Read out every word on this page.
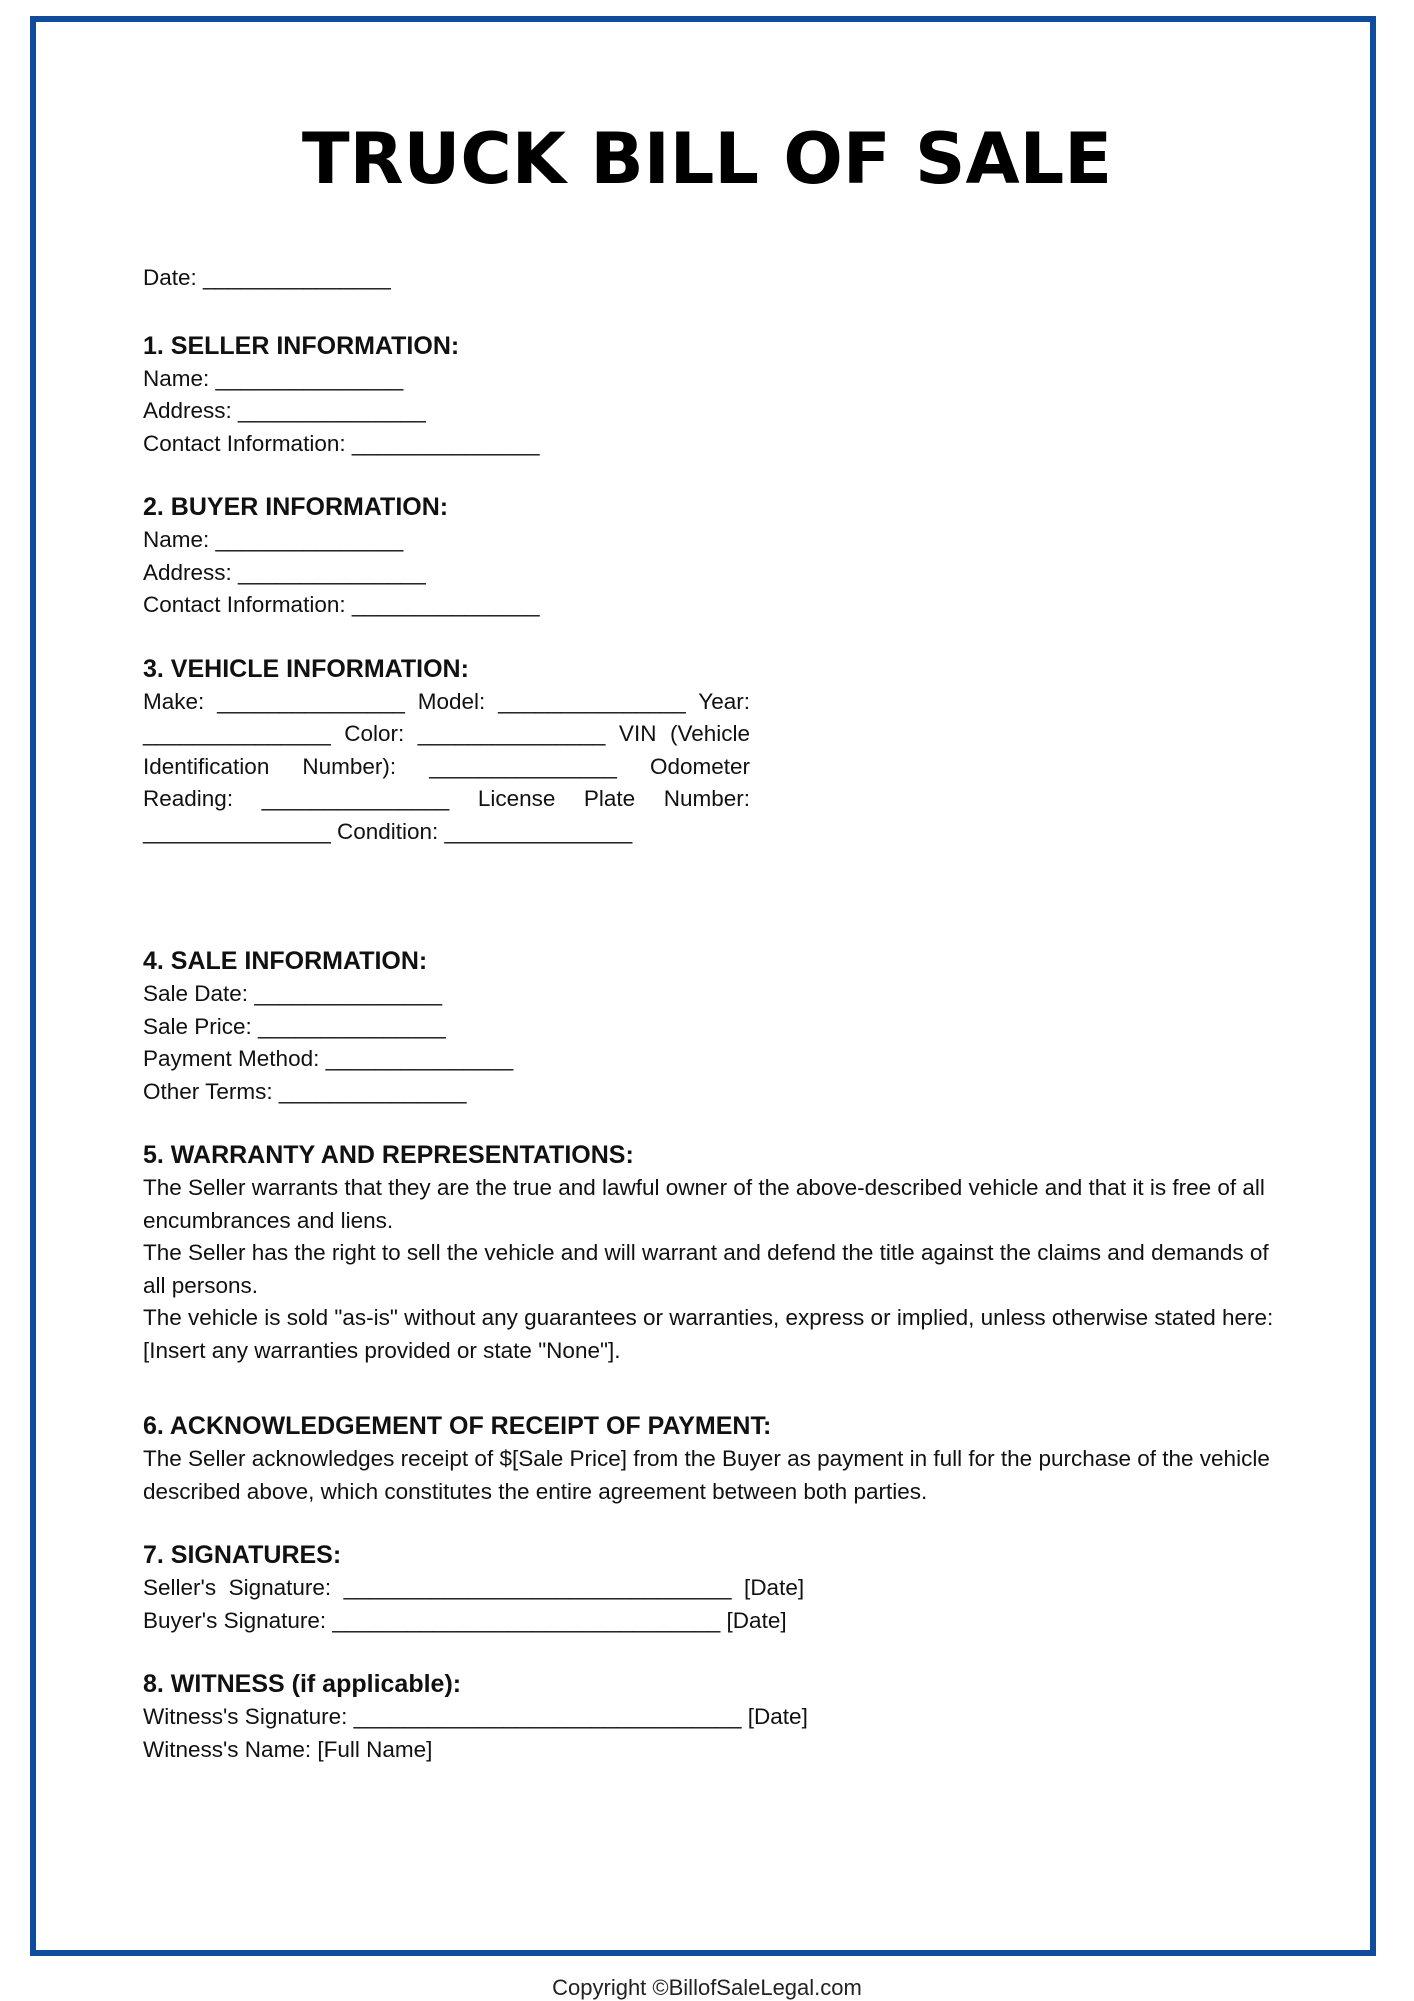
TRUCK BILL OF SALE

Date: _______________

1. SELLER INFORMATION:

Name: _______________

Address: _______________

Contact Information: _______________

2. BUYER INFORMATION:

Name: _______________

Address: _______________

Contact Information: _______________

3. VEHICLE INFORMATION:

Make: _______________ Model: _______________ Year: _______________ Color: _______________ VIN (Vehicle Identification Number): _______________ Odometer Reading: _______________ License Plate Number: _______________ Condition: _______________

4. SALE INFORMATION:

Sale Date: _______________

Sale Price: _______________

Payment Method: _______________

Other Terms: _______________

5. WARRANTY AND REPRESENTATIONS:

The Seller warrants that they are the true and lawful owner of the above-described vehicle and that it is free of all encumbrances and liens.

The Seller has the right to sell the vehicle and will warrant and defend the title against the claims and demands of all persons.

The vehicle is sold "as-is" without any guarantees or warranties, express or implied, unless otherwise stated here: [Insert any warranties provided or state "None"].

6. ACKNOWLEDGEMENT OF RECEIPT OF PAYMENT:

The Seller acknowledges receipt of $[Sale Price] from the Buyer as payment in full for the purchase of the vehicle described above, which constitutes the entire agreement between both parties.

7. SIGNATURES:

Seller's  Signature:  _______________________________  [Date]

Buyer's Signature: _______________________________ [Date]

8. WITNESS (if applicable):

Witness's Signature: _______________________________ [Date]

Witness's Name: [Full Name]

Copyright ©BillofSaleLegal.com
